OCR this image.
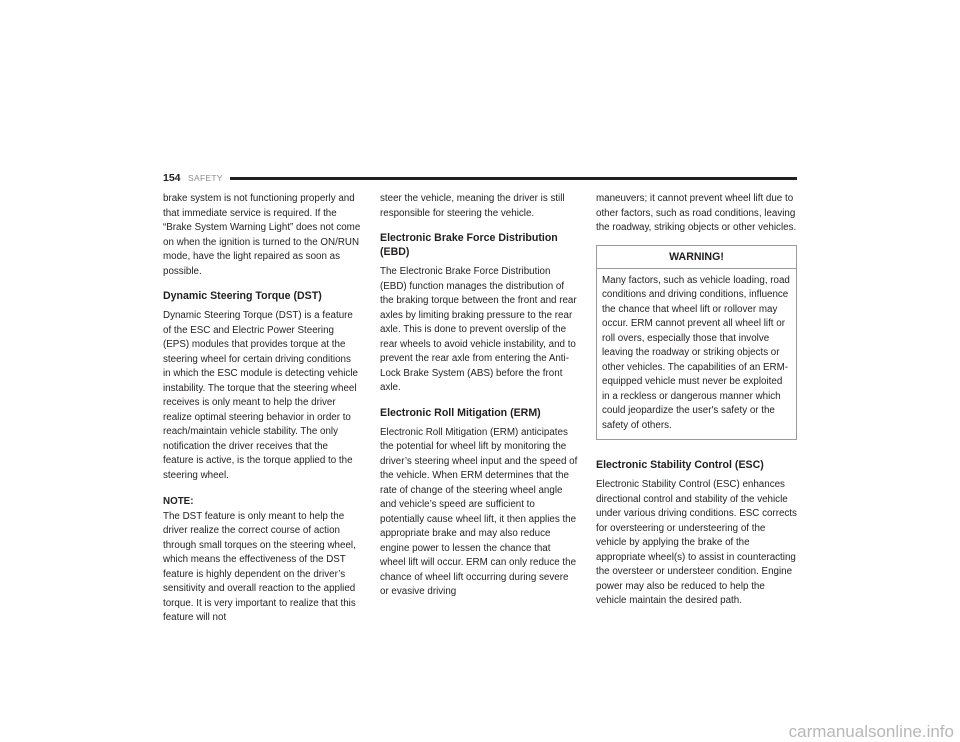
154 SAFETY

brake system is not functioning properly and that immediate service is required. If the “Brake System Warning Light” does not come on when the ignition is turned to the ON/RUN mode, have the light repaired as soon as possible.

Dynamic Steering Torque (DST)

Dynamic Steering Torque (DST) is a feature of the ESC and Electric Power Steering (EPS) modules that provides torque at the steering wheel for certain driving conditions in which the ESC module is detecting vehicle instability. The torque that the steering wheel receives is only meant to help the driver realize optimal steering behavior in order to reach/maintain vehicle stability. The only notification the driver receives that the feature is active, is the torque applied to the steering wheel.

NOTE:
The DST feature is only meant to help the driver realize the correct course of action through small torques on the steering wheel, which means the effectiveness of the DST feature is highly dependent on the driver’s sensitivity and overall reaction to the applied torque. It is very important to realize that this feature will not

steer the vehicle, meaning the driver is still responsible for steering the vehicle.

Electronic Brake Force Distribution (EBD)

The Electronic Brake Force Distribution (EBD) function manages the distribution of the braking torque between the front and rear axles by limiting braking pressure to the rear axle. This is done to prevent overslip of the rear wheels to avoid vehicle instability, and to prevent the rear axle from entering the Anti-Lock Brake System (ABS) before the front axle.

Electronic Roll Mitigation (ERM)

Electronic Roll Mitigation (ERM) anticipates the potential for wheel lift by monitoring the driver’s steering wheel input and the speed of the vehicle. When ERM determines that the rate of change of the steering wheel angle and vehicle’s speed are sufficient to potentially cause wheel lift, it then applies the appropriate brake and may also reduce engine power to lessen the chance that wheel lift will occur. ERM can only reduce the chance of wheel lift occurring during severe or evasive driving

maneuvers; it cannot prevent wheel lift due to other factors, such as road conditions, leaving the roadway, striking objects or other vehicles.

WARNING!
Many factors, such as vehicle loading, road conditions and driving conditions, influence the chance that wheel lift or rollover may occur. ERM cannot prevent all wheel lift or roll overs, especially those that involve leaving the roadway or striking objects or other vehicles. The capabilities of an ERM-equipped vehicle must never be exploited in a reckless or dangerous manner which could jeopardize the user's safety or the safety of others.
Electronic Stability Control (ESC)

Electronic Stability Control (ESC) enhances directional control and stability of the vehicle under various driving conditions. ESC corrects for oversteering or understeering of the vehicle by applying the brake of the appropriate wheel(s) to assist in counteracting the oversteer or understeer condition. Engine power may also be reduced to help the vehicle maintain the desired path.

carmanualsonline.info
